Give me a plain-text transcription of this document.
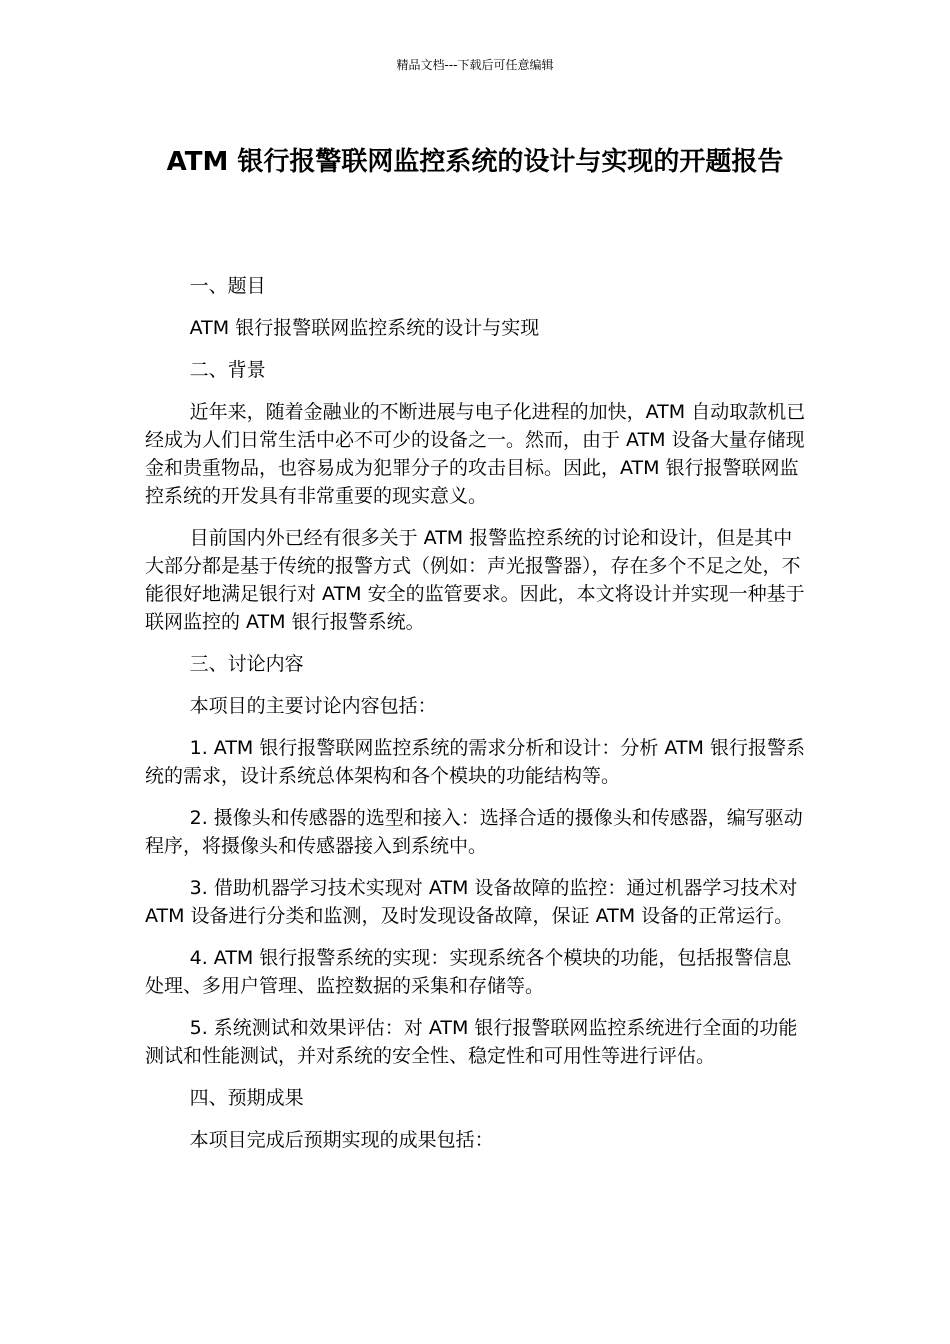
精品文档---下载后可任意编辑
ATM 银行报警联网监控系统的设计与实现的开题报告

一、题目

ATM 银行报警联网监控系统的设计与实现

二、背景

近年来，随着金融业的不断进展与电子化进程的加快，ATM 自动取款机已经成为人们日常生活中必不可少的设备之一。然而，由于 ATM 设备大量存储现金和贵重物品，也容易成为犯罪分子的攻击目标。因此，ATM 银行报警联网监控系统的开发具有非常重要的现实意义。

目前国内外已经有很多关于 ATM 报警监控系统的讨论和设计，但是其中大部分都是基于传统的报警方式（例如：声光报警器），存在多个不足之处，不能很好地满足银行对 ATM 安全的监管要求。因此，本文将设计并实现一种基于联网监控的 ATM 银行报警系统。

三、讨论内容

本项目的主要讨论内容包括：

1. ATM 银行报警联网监控系统的需求分析和设计：分析 ATM 银行报警系统的需求，设计系统总体架构和各个模块的功能结构等。

2. 摄像头和传感器的选型和接入：选择合适的摄像头和传感器，编写驱动程序，将摄像头和传感器接入到系统中。

3. 借助机器学习技术实现对 ATM 设备故障的监控：通过机器学习技术对 ATM 设备进行分类和监测，及时发现设备故障，保证 ATM 设备的正常运行。

4. ATM 银行报警系统的实现：实现系统各个模块的功能，包括报警信息处理、多用户管理、监控数据的采集和存储等。

5. 系统测试和效果评估：对 ATM 银行报警联网监控系统进行全面的功能测试和性能测试，并对系统的安全性、稳定性和可用性等进行评估。

四、预期成果

本项目完成后预期实现的成果包括：
